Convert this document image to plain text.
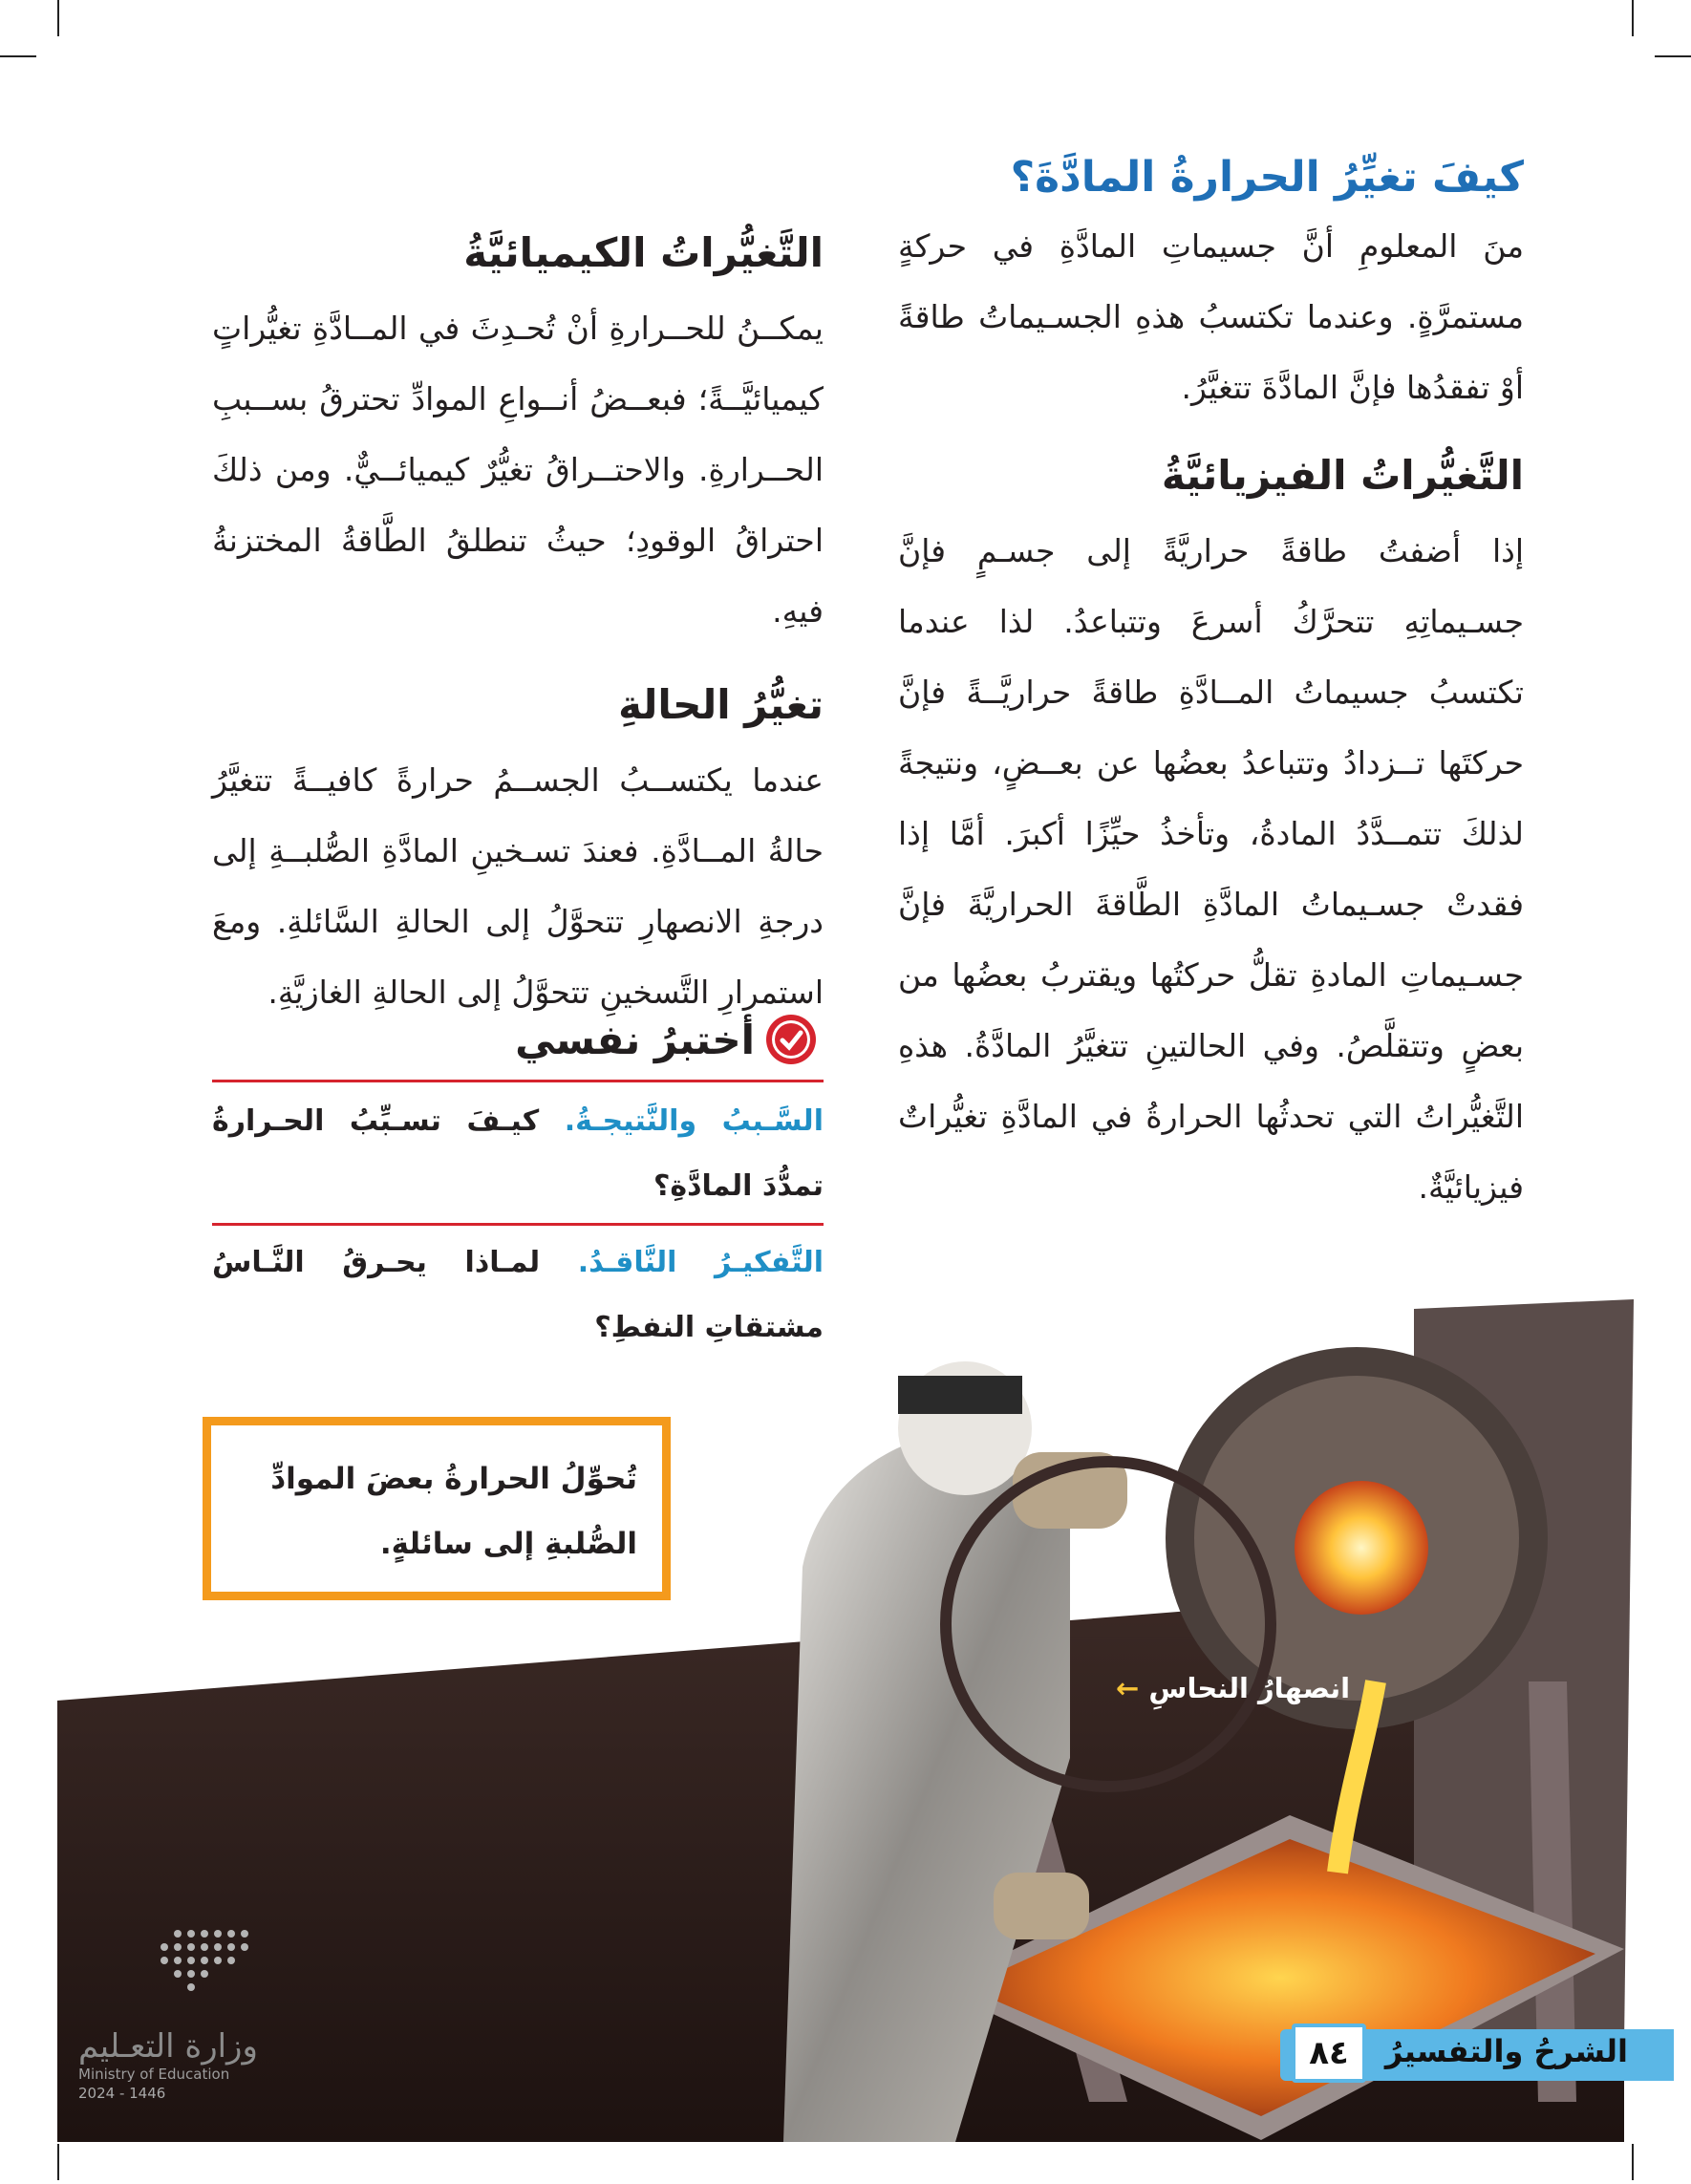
كيفَ تغيِّرُ الحرارةُ المادَّةَ؟

منَ المعلومِ أنَّ جسيماتِ المادَّةِ في حركةٍ مستمرَّةٍ. وعندما تكتسبُ هذهِ الجسـيماتُ طاقةً أوْ تفقدُها فإنَّ المادَّةَ تتغيَّرُ.

التَّغيُّراتُ الفيزيائيَّةُ

إذا أضفتُ طاقةً حراريَّةً إلى جسـمٍ فإنَّ جسـيماتِهِ تتحرَّكُ أسرعَ وتتباعدُ. لذا عندما تكتسبُ جسيماتُ المــادَّةِ طاقةً حراريَّــةً فإنَّ حركتَها تــزدادُ وتتباعدُ بعضُها عن بعــضٍ، ونتيجةً لذلكَ تتمــدَّدُ المادةُ، وتأخذُ حيِّزًا أكبرَ. أمَّا إذا فقدتْ جسـيماتُ المادَّةِ الطَّاقةَ الحراريَّةَ فإنَّ جسـيماتِ المادةِ تقلُّ حركتُها ويقتربُ بعضُها من بعضٍ وتتقلَّصُ. وفي الحالتينِ تتغيَّرُ المادَّةُ. هذهِ التَّغيُّراتُ التي تحدثُها الحرارةُ في المادَّةِ تغيُّراتٌ فيزيائيَّةٌ.

التَّغيُّراتُ الكيميائيَّةُ

يمكــنُ للحــرارةِ أنْ تُحـدِثَ في المــادَّةِ تغيُّراتٍ كيميائيَّــةً؛ فبعــضُ أنــواعِ الموادِّ تحترقُ بســببِ الحــرارةِ. والاحتــراقُ تغيُّرٌ كيميائــيٌّ. ومن ذلكَ احتراقُ الوقودِ؛ حيثُ تنطلقُ الطَّاقةُ المختزنةُ فيهِ.

تغيُّرُ الحالةِ

عندما يكتســبُ الجســمُ حرارةً كافيــةً تتغيَّرُ حالةُ المــادَّةِ. فعندَ تسـخينِ المادَّةِ الصُّلبــةِ إلى درجةِ الانصهارِ تتحوَّلُ إلى الحالةِ السَّائلةِ. ومعَ استمرارِ التَّسخينِ تتحوَّلُ إلى الحالةِ الغازيَّةِ.

أختبرُ نفسي
السَّـببُ والنَّتيجـةُ. كيـفَ تسـبِّبُ الحـرارةُ تمدُّدَ المادَّةِ؟
التَّفكيـرُ النَّاقـدُ. لمـاذا يحـرقُ النَّـاسُ مشتقاتِ النفطِ؟
انصهارُ النحاسِ ←
تُحوِّلُ الحرارةُ بعضَ الموادِّ الصُّلبةِ إلى سائلةٍ.
وزارة التعـليم
Ministry of Education
2024 - 1446
الشرحُ والتفسيرُ
٨٤
